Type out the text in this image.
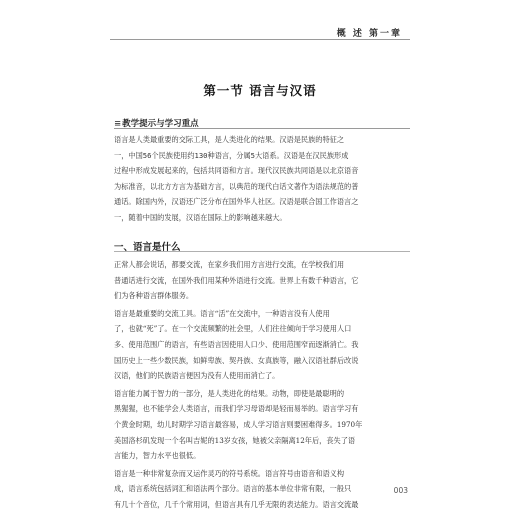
概 述 第一章
第一节 语言与汉语
≡教学提示与学习重点

语言是人类最重要的交际工具，是人类进化的结果。汉语是民族的特征之

一，中国56个民族使用约130种语言，分属5大语系。汉语是在汉民族形成

过程中形成发展起来的，包括共同语和方言。现代汉民族共同语是以北京语音

为标准音，以北方方言为基础方言，以典范的现代白话文著作为语法规范的普

通话。除国内外，汉语还广泛分布在国外华人社区。汉语是联合国工作语言之

一，随着中国的发展，汉语在国际上的影响越来越大。

一、语言是什么

正常人都会说话，都要交流，在家乡我们用方言进行交流，在学校我们用

普通话进行交流，在国外我们用某种外语进行交流。世界上有数千种语言，它

们为各种语言群体服务。

语言是最重要的交流工具。语言“活”在交流中，一种语言没有人使用

了，也就“死”了。在一个交流频繁的社会里，人们往往倾向于学习使用人口

多、使用范围广的语言，有些语言因使用人口少、使用范围窄而逐渐消亡。我

国历史上一些少数民族，如鲜卑族、契丹族、女真族等，融入汉语社群后改说

汉语，他们的民族语言便因为没有人使用而消亡了。

语言能力属于智力的一部分，是人类进化的结果。动物，即使是最聪明的

黑猩猩，也不能学会人类语言，而我们学习母语却是轻而易举的。语言学习有

个黄金时期，幼儿时期学习语言最容易，成人学习语言则要困难得多。1970年

美国洛杉矶发现一个名叫吉妮的13岁女孩，她被父亲隔离12年后，丧失了语

言能力，智力水平也很低。

语言是一种非常复杂而又运作灵巧的符号系统。语言符号由语音和语义构

成，语言系统包括词汇和语法两个部分。语言的基本单位非常有限，一般只

有几十个音位，几千个常用词，但语言具有几乎无限的表达能力。语言交流最

003
